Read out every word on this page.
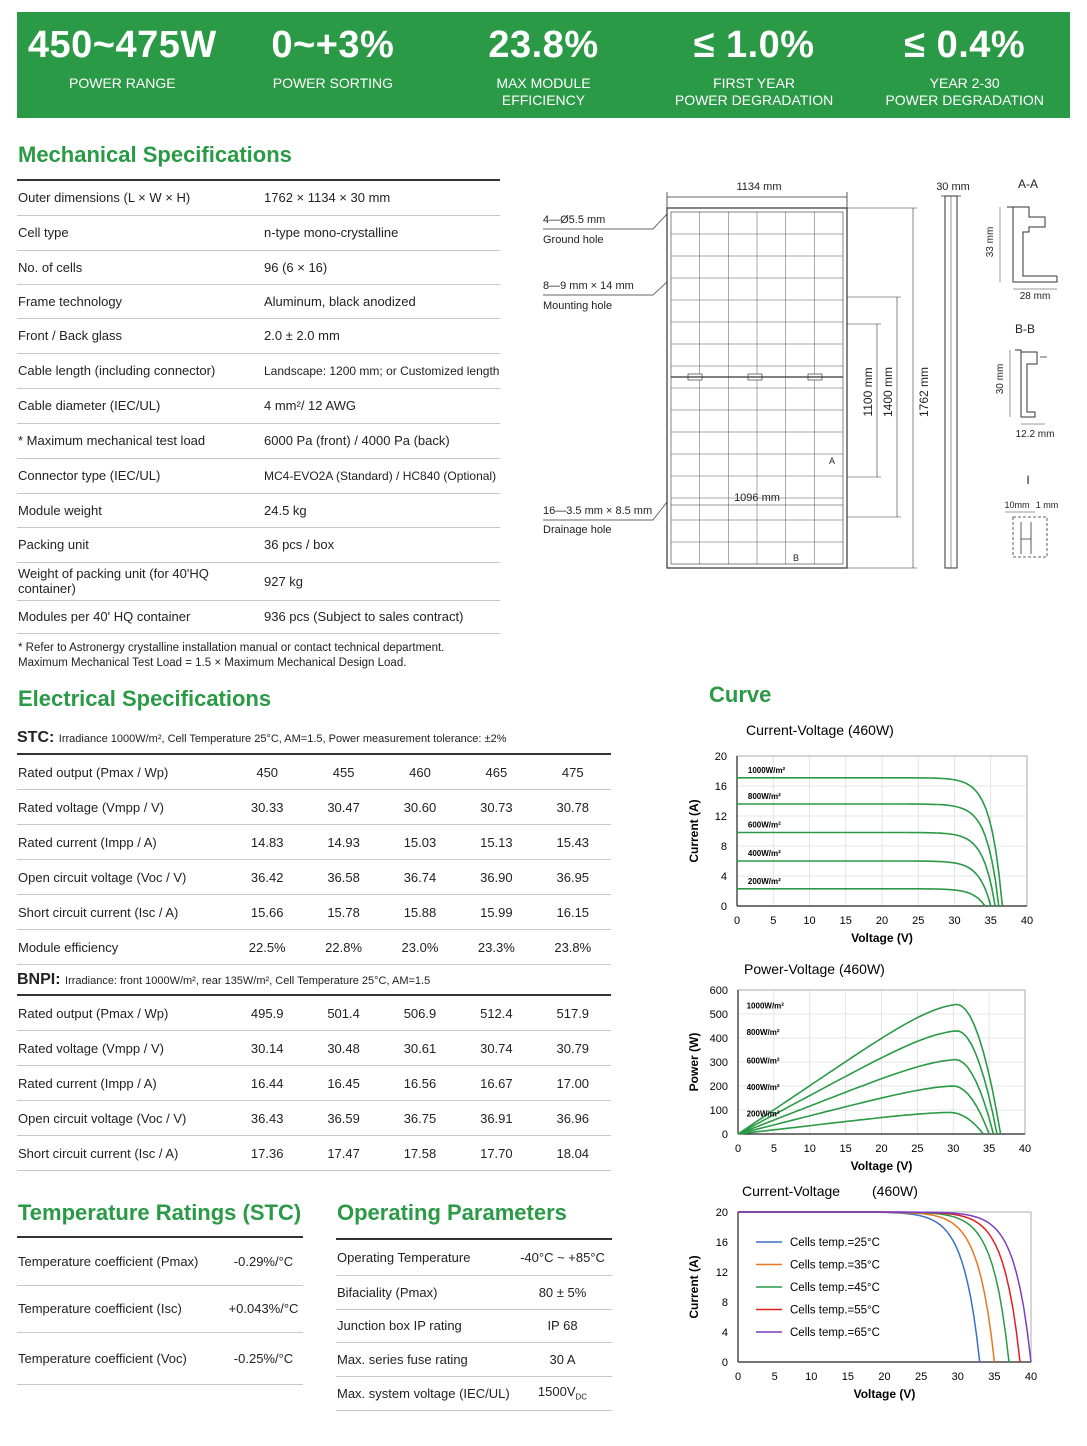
450~475W
POWER RANGE
0~+3%
POWER SORTING
23.8%
MAX MODULE
EFFICIENCY
≤ 1.0%
FIRST YEAR
POWER DEGRADATION
≤ 0.4%
YEAR 2-30
POWER DEGRADATION
Mechanical Specifications
Outer dimensions (L × W × H)	1762 × 1134 × 30 mm
Cell type	n-type mono-crystalline
No. of cells	96 (6 × 16)
Frame technology	Aluminum, black anodized
Front / Back glass	2.0 ± 2.0 mm
Cable length (including connector)	Landscape: 1200 mm; or Customized length
Cable diameter (IEC/UL)	4 mm²/ 12 AWG
* Maximum mechanical test load	6000 Pa (front) / 4000 Pa (back)
Connector type (IEC/UL)	MC4-EVO2A (Standard) / HC840 (Optional)
Module weight	24.5 kg
Packing unit	36 pcs / box
Weight of packing unit (for 40'HQ container)	927 kg
Modules per 40' HQ container	936 pcs (Subject to sales contract)
* Refer to Astronergy crystalline installation manual or contact technical department.
Maximum Mechanical Test Load = 1.5 × Maximum Mechanical Design Load.
1134 mm	30 mm
4—Ø5.5 mm
Ground hole
8—9 mm × 14 mm
Mounting hole
16—3.5 mm × 8.5 mm
Drainage hole
1096 mm
1100 mm 1400 mm 1762 mm
A-A
B-B
I
33 mm
28 mm
30 mm
12.2 mm
10mm 1 mm
A
B
Electrical Specifications
STC: Irradiance 1000W/m², Cell Temperature 25°C, AM=1.5, Power measurement tolerance: ±2%
Rated output (Pmax / Wp)	450	455	460	465	475
Rated voltage (Vmpp / V)	30.33	30.47	30.60	30.73	30.78
Rated current (Impp / A)	14.83	14.93	15.03	15.13	15.43
Open circuit voltage (Voc / V)	36.42	36.58	36.74	36.90	36.95
Short circuit current (Isc / A)	15.66	15.78	15.88	15.99	16.15
Module efficiency	22.5%	22.8%	23.0%	23.3%	23.8%
BNPI: Irradiance: front 1000W/m², rear 135W/m², Cell Temperature 25°C, AM=1.5
Rated output (Pmax / Wp)	495.9	501.4	506.9	512.4	517.9
Rated voltage (Vmpp / V)	30.14	30.48	30.61	30.74	30.79
Rated current (Impp / A)	16.44	16.45	16.56	16.67	17.00
Open circuit voltage (Voc / V)	36.43	36.59	36.75	36.91	36.96
Short circuit current (Isc / A)	17.36	17.47	17.58	17.70	18.04
Temperature Ratings (STC)
Temperature coefficient (Pmax)	-0.29%/°C
Temperature coefficient (Isc)	+0.043%/°C
Temperature coefficient (Voc)	-0.25%/°C
Operating Parameters
Operating Temperature	-40°C ~ +85°C
Bifaciality (Pmax)	80 ± 5%
Junction box IP rating	IP 68
Max. series fuse rating	30 A
Max. system voltage (IEC/UL)	$1500V_{DC}$
Curve
Current-Voltage (460W)
0	5 10 15 20 25 30 35 40
0
4
8
12
16
20
Voltage (V)
Current (A)
1000W/m²
800W/m²
600W/m²
400W/m²
200W/m²
Power-Voltage (460W)
0	5 10 15 20 25 30 35 40
0
100
200
300
400
500
600
Voltage (V)
Power (W)
1000W/m²
800W/m²
600W/m²
400W/m²
200W/m²
Current-Voltage (460W)
0	5 10 15 20 25 30 35 40
0
4
8
12
16
20
Voltage (V)
Current (A)
Cells temp.=25°C
Cells temp.=35°C
Cells temp.=45°C
Cells temp.=55°C
Cells temp.=65°C
